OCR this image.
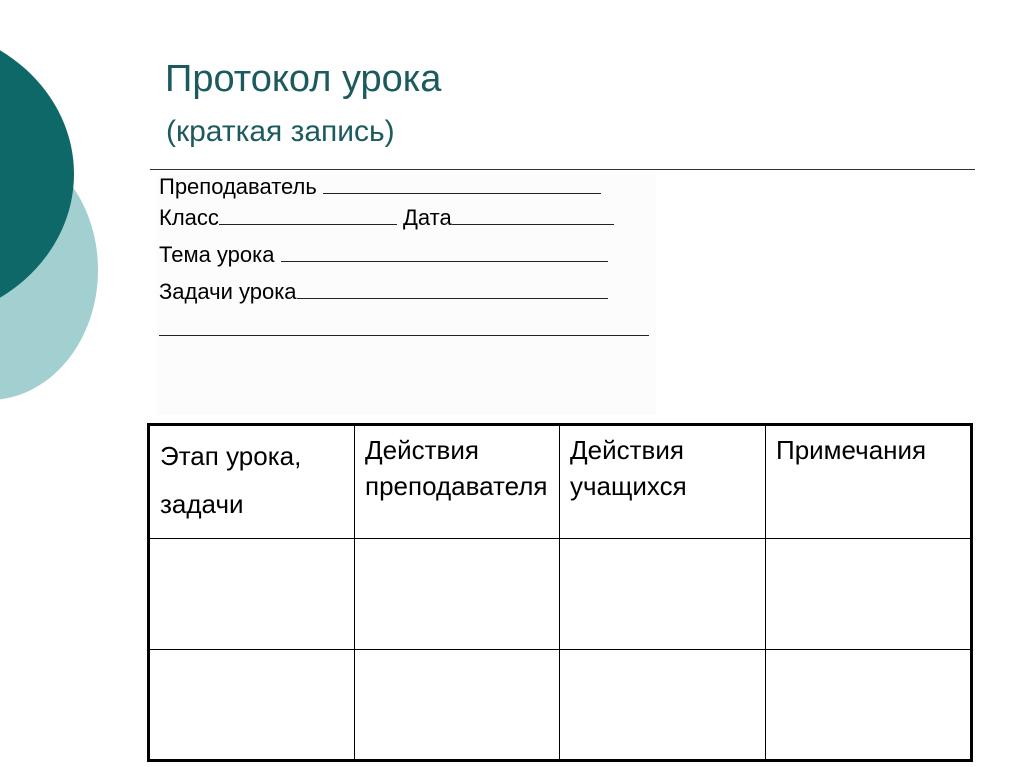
Протокол урока
(краткая запись)
Преподаватель
Класс	Дата
Тема урока
Задачи урока
Этап урока, задачи	Действия преподавателя	Действия учащихся	Примечания
